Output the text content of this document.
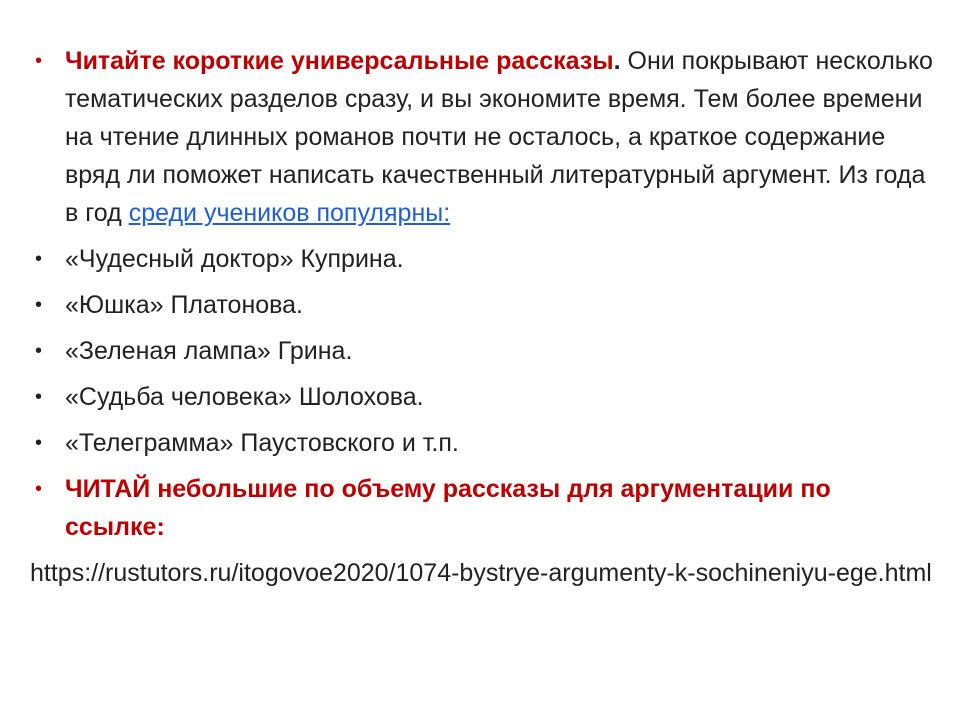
• Читайте короткие универсальные рассказы. Они покрывают несколько тематических разделов сразу, и вы экономите время. Тем более времени на чтение длинных романов почти не осталось, а краткое содержание вряд ли поможет написать качественный литературный аргумент. Из года в год среди учеников популярны:
• «Чудесный доктор» Куприна.
• «Юшка» Платонова.
• «Зеленая лампа» Грина.
• «Судьба человека» Шолохова.
• «Телеграмма» Паустовского и т.п.
• ЧИТАЙ небольшие по объему рассказы для аргументации по ссылке:
https://rustutors.ru/itogovoe2020/1074-bystrye-argumenty-k-sochineniyu-ege.html
